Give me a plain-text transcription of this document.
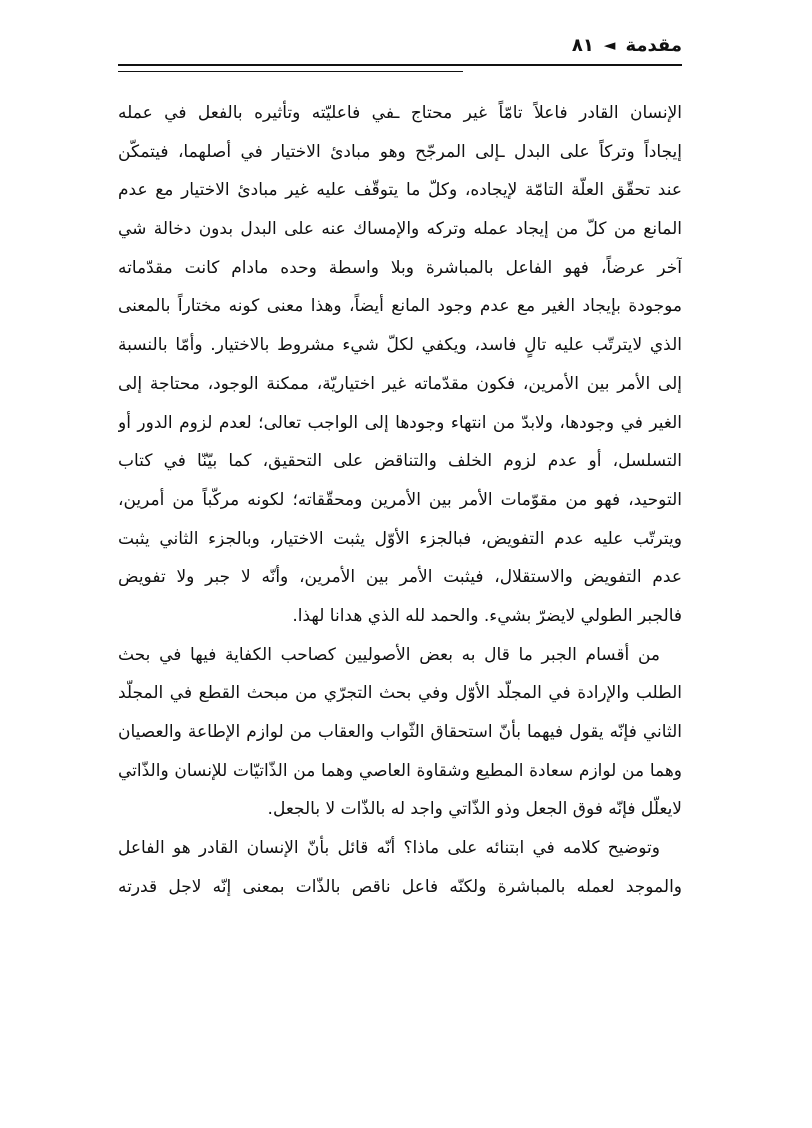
مقدمة
◄
٨١
الإنسان القادر فاعلاً تامّاً غير محتاج ـفي فاعليّته وتأثيره بالفعل في عمله
إيجاداً وتركاً على البدل ـإلى المرجّح وهو مبادئ الاختيار في أصلهما، فيتمكّن
عند تحقّق العلّة التامّة لإيجاده، وكلّ ما يتوقّف عليه غير مبادئ الاختيار مع عدم
المانع من كلّ من إيجاد عمله وتركه والإمساك عنه على البدل بدون دخالة شي
آخر عرضاً، فهو الفاعل بالمباشرة وبلا واسطة وحده مادام كانت مقدّماته
موجودة بإيجاد الغير مع عدم وجود المانع أيضاً، وهذا معنى كونه مختاراً بالمعنى
الذي لايترتّب عليه تالٍ فاسد، ويكفي لكلّ شيء مشروط بالاختيار. وأمّا بالنسبة
إلى الأمر بين الأمرين، فكون مقدّماته غير اختياريّة، ممكنة الوجود، محتاجة إلى
الغير في وجودها، ولابدّ من انتهاء وجودها إلى الواجب تعالى؛ لعدم لزوم الدور أو
التسلسل، أو عدم لزوم الخلف والتناقض على التحقيق، كما بيّنّا في كتاب
التوحيد، فهو من مقوّمات الأمر بين الأمرين ومحقّقاته؛ لكونه مركّباً من أمرين،
ويترتّب عليه عدم التفويض، فبالجزء الأوّل يثبت الاختيار، وبالجزء الثاني يثبت
عدم التفويض والاستقلال، فيثبت الأمر بين الأمرين، وأنّه لا جبر ولا تفويض
فالجبر الطولي لايضرّ بشيء. والحمد لله الذي هدانا لهذا.
من أقسام الجبر ما قال به بعض الأصوليين كصاحب الكفاية فيها في بحث
الطلب والإرادة في المجلّد الأوّل وفي بحث التجرّي من مبحث القطع في المجلّد
الثاني فإنّه يقول فيهما بأنّ استحقاق الثّواب والعقاب من لوازم الإطاعة والعصيان
وهما من لوازم سعادة المطيع وشقاوة العاصي وهما من الذّاتيّات للإنسان والذّاتي
لايعلّل فإنّه فوق الجعل وذو الذّاتي واجد له بالذّات لا بالجعل.
وتوضيح كلامه في ابتنائه على ماذا؟ أنّه قائل بأنّ الإنسان القادر هو الفاعل
والموجد لعمله بالمباشرة ولكنّه فاعل ناقص بالذّات بمعنى إنّه لاجل قدرته
